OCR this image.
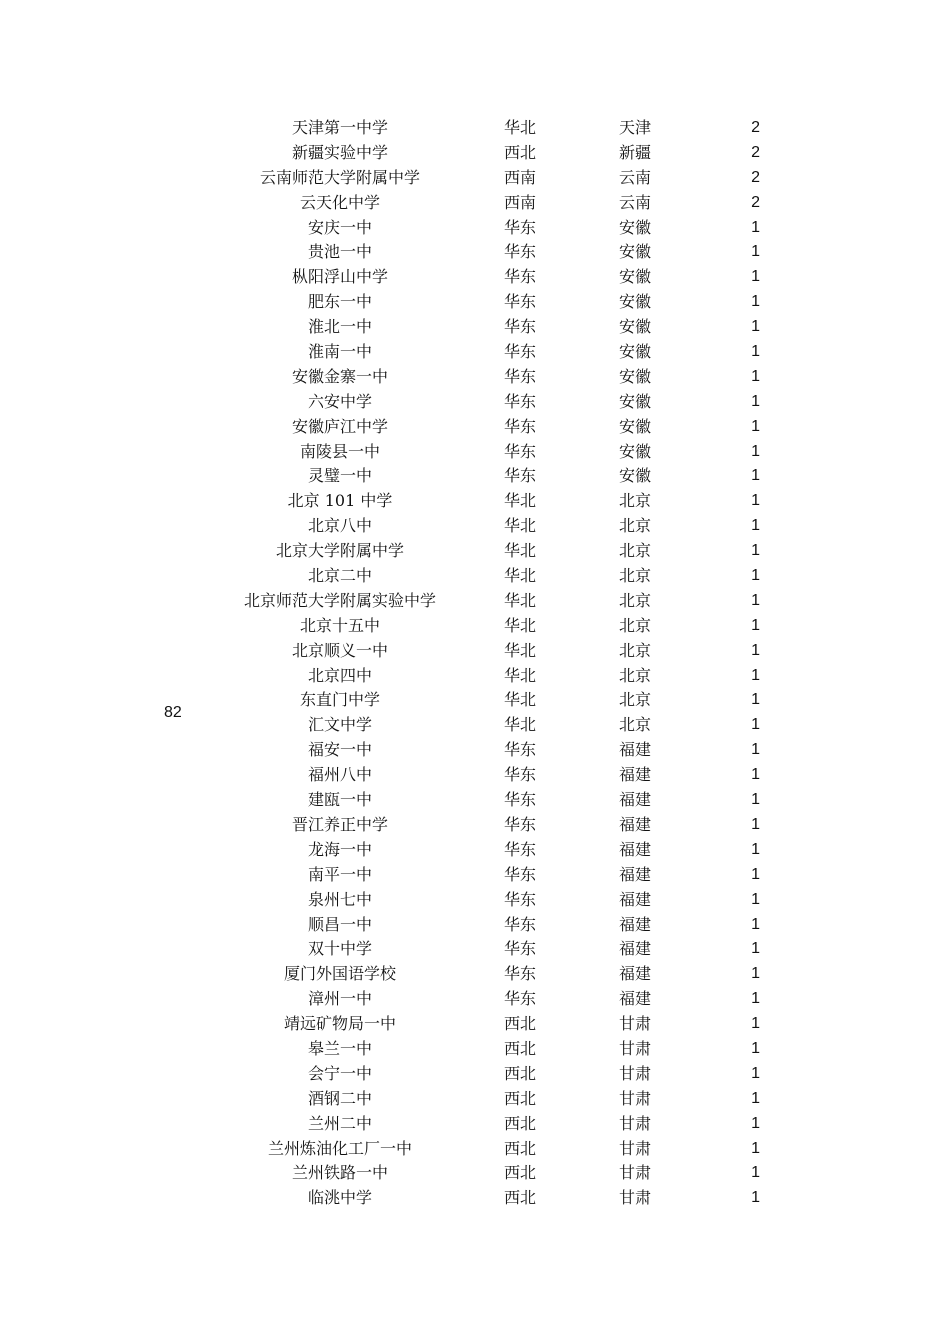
82
天津第一中学	华北	天津	2
新疆实验中学	西北	新疆	2
云南师范大学附属中学	西南	云南	2
云天化中学	西南	云南	2
安庆一中	华东	安徽	1
贵池一中	华东	安徽	1
枞阳浮山中学	华东	安徽	1
肥东一中	华东	安徽	1
淮北一中	华东	安徽	1
淮南一中	华东	安徽	1
安徽金寨一中	华东	安徽	1
六安中学	华东	安徽	1
安徽庐江中学	华东	安徽	1
南陵县一中	华东	安徽	1
灵璧一中	华东	安徽	1
北京 101 中学	华北	北京	1
北京八中	华北	北京	1
北京大学附属中学	华北	北京	1
北京二中	华北	北京	1
北京师范大学附属实验中学	华北	北京	1
北京十五中	华北	北京	1
北京顺义一中	华北	北京	1
北京四中	华北	北京	1
东直门中学	华北	北京	1
汇文中学	华北	北京	1
福安一中	华东	福建	1
福州八中	华东	福建	1
建瓯一中	华东	福建	1
晋江养正中学	华东	福建	1
龙海一中	华东	福建	1
南平一中	华东	福建	1
泉州七中	华东	福建	1
顺昌一中	华东	福建	1
双十中学	华东	福建	1
厦门外国语学校	华东	福建	1
漳州一中	华东	福建	1
靖远矿物局一中	西北	甘肃	1
皋兰一中	西北	甘肃	1
会宁一中	西北	甘肃	1
酒钢二中	西北	甘肃	1
兰州二中	西北	甘肃	1
兰州炼油化工厂一中	西北	甘肃	1
兰州铁路一中	西北	甘肃	1
临洮中学	西北	甘肃	1
